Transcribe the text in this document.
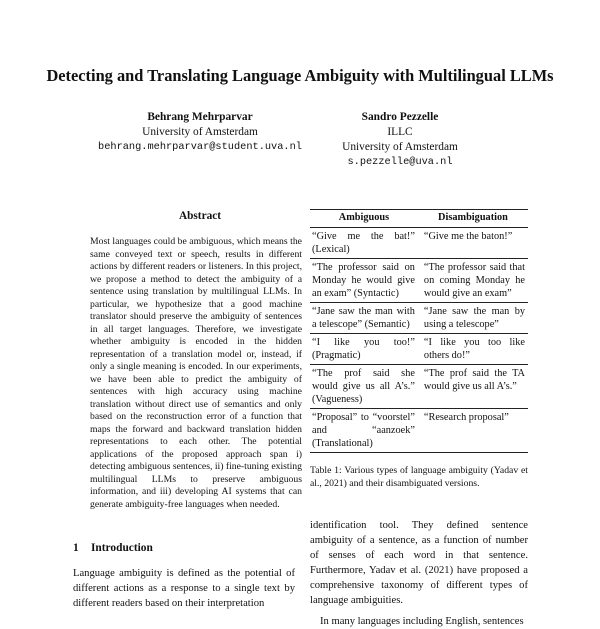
Detecting and Translating Language Ambiguity with Multilingual LLMs
Behrang Mehrparvar
University of Amsterdam
behrang.mehrparvar@student.uva.nl
Sandro Pezzelle
ILLC
University of Amsterdam
s.pezzelle@uva.nl
Abstract
Most languages could be ambiguous, which means the same conveyed text or speech, results in different actions by different readers or listeners. In this project, we propose a method to detect the ambiguity of a sentence using translation by multilingual LLMs. In particular, we hypothesize that a good machine translator should preserve the ambiguity of sentences in all target languages. Therefore, we investigate whether ambiguity is encoded in the hidden representation of a translation model or, instead, if only a single meaning is encoded. In our experiments, we have been able to predict the ambiguity of sentences with high accuracy using machine translation without direct use of semantics and only based on the reconstruction error of a function that maps the forward and backward translation hidden representations to each other. The potential applications of the proposed approach span i) detecting ambiguous sentences, ii) fine-tuning existing multilingual LLMs to preserve ambiguous information, and iii) developing AI systems that can generate ambiguity-free languages when needed.
1 Introduction
Language ambiguity is defined as the potential of different actions as a response to a single text by different readers based on their interpretation
Ambiguous	Disambiguation
“Give me the bat!” (Lexical)	“Give me the baton!”
“The professor said on Monday he would give an exam” (Syntactic)	“The professor said that on coming Monday he would give an exam”
“Jane saw the man with a telescope” (Semantic)	“Jane saw the man by using a telescope”
“I like you too!” (Pragmatic)	“I like you too like others do!”
“The prof said she would give us all A’s.” (Vagueness)	“The prof said the TA would give us all A’s.”
“Proposal” to “voorstel” and “aanzoek” (Translational)	“Research proposal”
Table 1: Various types of language ambiguity (Yadav et al., 2021) and their disambiguated versions.

identification tool. They defined sentence ambiguity of a sentence, as a function of number of senses of each word in that sentence. Furthermore, Yadav et al. (2021) have proposed a comprehensive taxonomy of different types of language ambiguities.

In many languages including English, sentences
